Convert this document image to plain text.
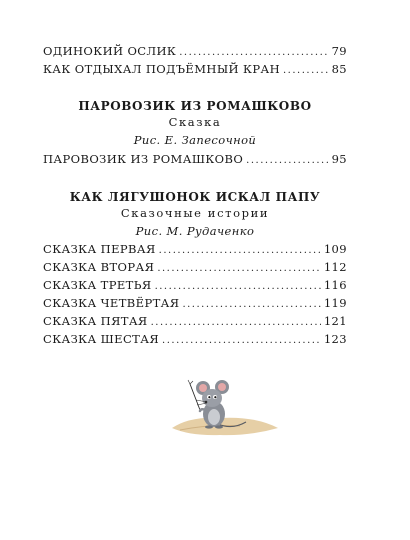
ОДИНОКИЙ ОСЛИК .....	79
КАК ОТДЫХАЛ ПОДЪЁМНЫЙ КРАН .....	85
ПАРОВОЗИК ИЗ РОМАШКОВО
Сказка
Рис. Е. Запесочной
ПАРОВОЗИК ИЗ РОМАШКОВО .....	95
КАК ЛЯГУШОНОК ИСКАЛ ПАПУ
Сказочные истории
Рис. М. Рудаченко
СКАЗКА ПЕРВАЯ .....	109
СКАЗКА ВТОРАЯ .....	112
СКАЗКА ТРЕТЬЯ .....	116
СКАЗКА ЧЕТВЁРТАЯ .....	119
СКАЗКА ПЯТАЯ .....	121
СКАЗКА ШЕСТАЯ .....	123
